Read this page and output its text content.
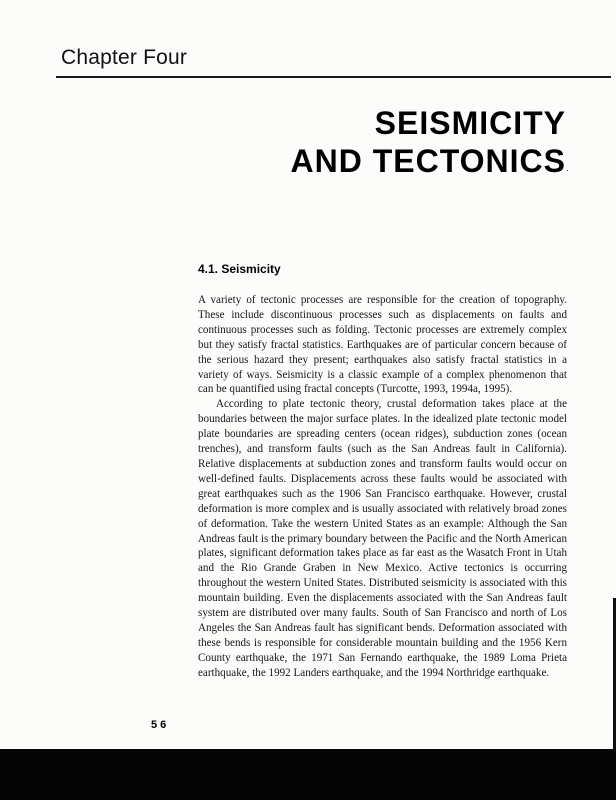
Chapter Four
SEISMICITY
AND TECTONICS
4.1. Seismicity

A variety of tectonic processes are responsible for the creation of topography. These include discontinuous processes such as displacements on faults and continuous processes such as folding. Tectonic processes are extremely complex but they satisfy fractal statistics. Earthquakes are of particular concern because of the serious hazard they present; earthquakes also satisfy fractal statistics in a variety of ways. Seismicity is a classic example of a complex phenomenon that can be quantified using fractal concepts (Turcotte, 1993, 1994a, 1995).

According to plate tectonic theory, crustal deformation takes place at the boundaries between the major surface plates. In the idealized plate tectonic model plate boundaries are spreading centers (ocean ridges), subduction zones (ocean trenches), and transform faults (such as the San Andreas fault in California). Relative displacements at subduction zones and transform faults would occur on well-defined faults. Displacements across these faults would be associated with great earthquakes such as the 1906 San Francisco earthquake. However, crustal deformation is more complex and is usually associated with relatively broad zones of deformation. Take the western United States as an example: Although the San Andreas fault is the primary boundary between the Pacific and the North American plates, significant deformation takes place as far east as the Wasatch Front in Utah and the Rio Grande Graben in New Mexico. Active tectonics is occurring throughout the western United States. Distributed seismicity is associated with this mountain building. Even the displacements associated with the San Andreas fault system are distributed over many faults. South of San Francisco and north of Los Angeles the San Andreas fault has significant bends. Deformation associated with these bends is responsible for considerable mountain building and the 1956 Kern County earthquake, the 1971 San Fernando earthquake, the 1989 Loma Prieta earthquake, the 1992 Landers earthquake, and the 1994 Northridge earthquake.

5 6
